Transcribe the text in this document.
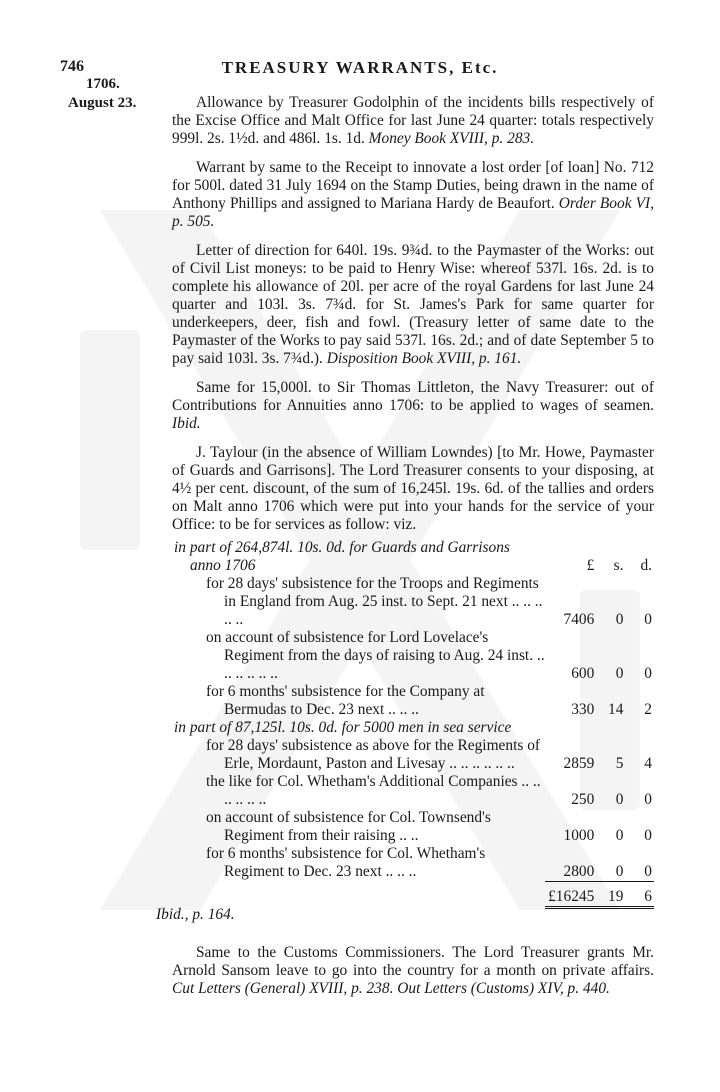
746	TREASURY WARRANTS, Etc.
1706.
August 23.	Allowance by Treasurer Godolphin of the incidents bills respectively of the Excise Office and Malt Office for last June 24 quarter: totals respectively 999l. 2s. 1½d. and 486l. 1s. 1d. Money Book XVIII, p. 283.

Warrant by same to the Receipt to innovate a lost order [of loan] No. 712 for 500l. dated 31 July 1694 on the Stamp Duties, being drawn in the name of Anthony Phillips and assigned to Mariana Hardy de Beaufort. Order Book VI, p. 505.

Letter of direction for 640l. 19s. 9¾d. to the Paymaster of the Works: out of Civil List moneys: to be paid to Henry Wise: whereof 537l. 16s. 2d. is to complete his allowance of 20l. per acre of the royal Gardens for last June 24 quarter and 103l. 3s. 7¾d. for St. James's Park for same quarter for underkeepers, deer, fish and fowl. (Treasury letter of same date to the Paymaster of the Works to pay said 537l. 16s. 2d.; and of date September 5 to pay said 103l. 3s. 7¾d.). Disposition Book XVIII, p. 161.

Same for 15,000l. to Sir Thomas Littleton, the Navy Treasurer: out of Contributions for Annuities anno 1706: to be applied to wages of seamen. Ibid.

J. Taylour (in the absence of William Lowndes) [to Mr. Howe, Paymaster of Guards and Garrisons]. The Lord Treasurer consents to your disposing, at 4½ per cent. discount, of the sum of 16,245l. 19s. 6d. of the tallies and orders on Malt anno 1706 which were put into your hands for the service of your Office: to be for services as follow: viz.

in part of 264,874l. 10s. 0d. for Guards and Garrisons			
anno 1706	£	s.	d.

for 28 days' subsistence for the Troops and Regiments in England from Aug. 25 inst. to Sept. 21 next .. .. .. .. ..	7406	0	0

on account of subsistence for Lord Lovelace's Regiment from the days of raising to Aug. 24 inst. .. .. .. .. .. ..	600	0	0

for 6 months' subsistence for the Company at Bermudas to Dec. 23 next .. .. ..	330	14	2
in part of 87,125l. 10s. 0d. for 5000 men in sea service			

for 28 days' subsistence as above for the Regiments of Erle, Mordaunt, Paston and Livesay .. .. .. .. .. ..	2859	5	4

the like for Col. Whetham's Additional Companies .. .. .. .. .. ..	250	0	0

on account of subsistence for Col. Townsend's Regiment from their raising .. ..	1000	0	0

for 6 months' subsistence for Col. Whetham's Regiment to Dec. 23 next .. .. ..	2800	0	0
	£16245	19	6
Ibid., p. 164.

Same to the Customs Commissioners. The Lord Treasurer grants Mr. Arnold Sansom leave to go into the country for a month on private affairs. Cut Letters (General) XVIII, p. 238. Out Letters (Customs) XIV, p. 440.
